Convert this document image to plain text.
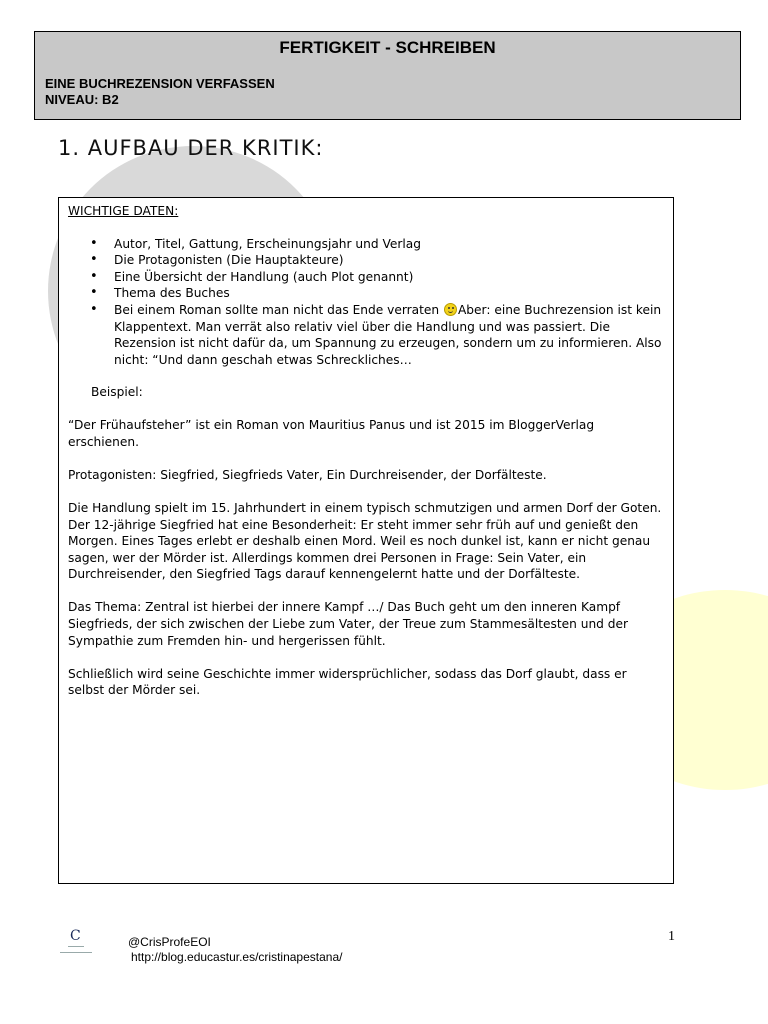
FERTIGKEIT - SCHREIBEN
EINE BUCHREZENSION VERFASSEN
NIVEAU: B2
1. AUFBAU DER KRITIK:
WICHTIGE DATEN:
• Autor, Titel, Gattung, Erscheinungsjahr und Verlag
• Die Protagonisten (Die Hauptakteure)
• Eine Übersicht der Handlung (auch Plot genannt)
• Thema des Buches
• Bei einem Roman sollte man nicht das Ende verraten Aber: eine Buchrezension ist kein Klappentext. Man verrät also relativ viel über die Handlung und was passiert. Die Rezension ist nicht dafür da, um Spannung zu erzeugen, sondern um zu informieren. Also nicht: “Und dann geschah etwas Schreckliches…
Beispiel:

“Der Frühaufsteher” ist ein Roman von Mauritius Panus und ist 2015 im BloggerVerlag erschienen.

Protagonisten: Siegfried, Siegfrieds Vater, Ein Durchreisender, der Dorfälteste.

Die Handlung spielt im 15. Jahrhundert in einem typisch schmutzigen und armen Dorf der Goten. Der 12-jährige Siegfried hat eine Besonderheit: Er steht immer sehr früh auf und genießt den Morgen. Eines Tages erlebt er deshalb einen Mord. Weil es noch dunkel ist, kann er nicht genau sagen, wer der Mörder ist. Allerdings kommen drei Personen in Frage: Sein Vater, ein Durchreisender, den Siegfried Tags darauf kennengelernt hatte und der Dorfälteste.

Das Thema: Zentral ist hierbei der innere Kampf …/ Das Buch geht um den inneren Kampf Siegfrieds, der sich zwischen der Liebe zum Vater, der Treue zum Stammesältesten und der Sympathie zum Fremden hin- und hergerissen fühlt.

Schließlich wird seine Geschichte immer widersprüchlicher, sodass das Dorf glaubt, dass er selbst der Mörder sei.

C	@CrisProfeEOI
http://blog.educastur.es/cristinapestana/
1
